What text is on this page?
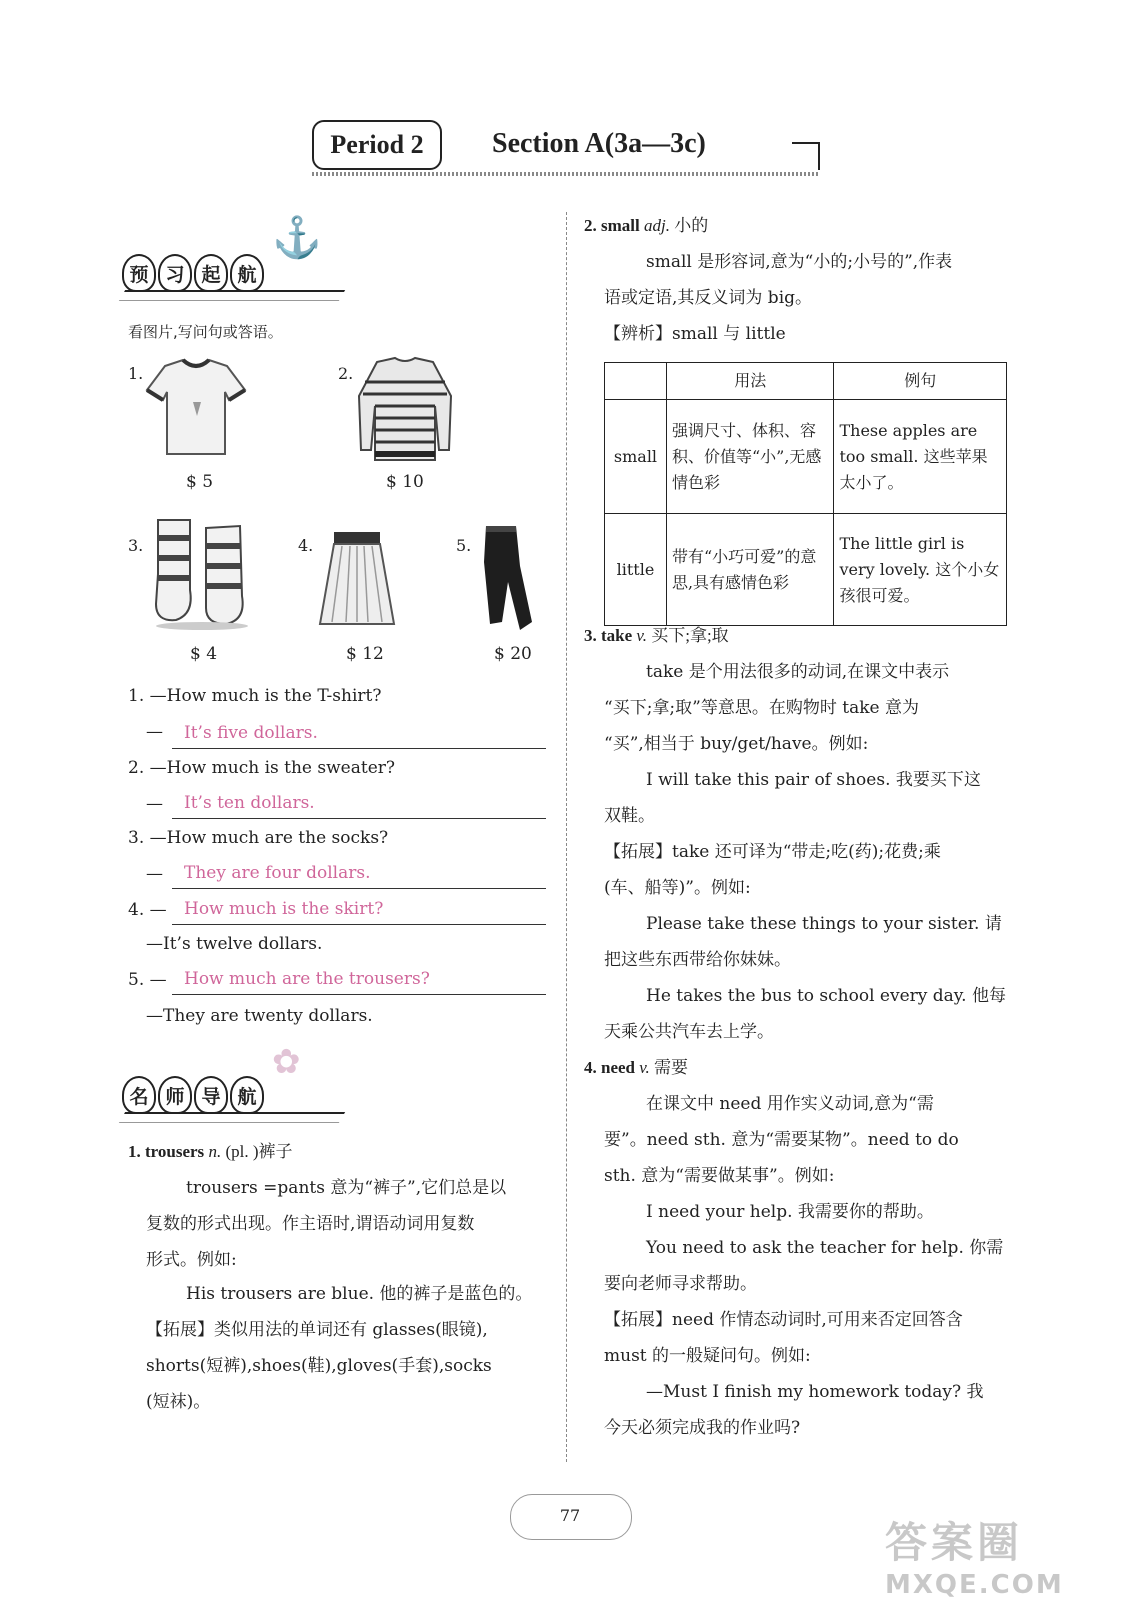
Period 2	Section A(3a—3c)
预 习 起 航
⚓
看图片,写问句或答语。
1.
$ 5
2.
$ 10
3.
$ 4
4.
$ 12
5.
$ 20
1. —How much is the T-shirt?
—	It’s five dollars.
2. —How much is the sweater?
—	It’s ten dollars.
3. —How much are the socks?
—	They are four dollars.
4. —	How much is the skirt?
—It’s twelve dollars.
5. —	How much are the trousers?
—They are twenty dollars.
名 师 导 航
✿
1. trousers n. (pl. )裤子
trousers =pants 意为“裤子”,它们总是以
复数的形式出现。作主语时,谓语动词用复数
形式。例如:
His trousers are blue. 他的裤子是蓝色的。
【拓展】类似用法的单词还有 glasses(眼镜),
shorts(短裤),shoes(鞋),gloves(手套),socks
(短袜)。
2. small adj. 小的
small 是形容词,意为“小的;小号的”,作表
语或定语,其反义词为 big。
【辨析】small 与 little
	用法	例句
small	强调尺寸、体积、容积、价值等“小”,无感情色彩	These apples are too small. 这些苹果太小了。
little	带有“小巧可爱”的意思,具有感情色彩	The little girl is very lovely. 这个小女孩很可爱。
3. take v. 买下;拿;取
take 是个用法很多的动词,在课文中表示
“买下;拿;取”等意思。在购物时 take 意为
“买”,相当于 buy/get/have。例如:
I will take this pair of shoes. 我要买下这
双鞋。
【拓展】take 还可译为“带走;吃(药);花费;乘
(车、船等)”。例如:
Please take these things to your sister. 请
把这些东西带给你妹妹。
He takes the bus to school every day. 他每
天乘公共汽车去上学。
4. need v. 需要
在课文中 need 用作实义动词,意为“需
要”。need sth. 意为“需要某物”。need to do
sth. 意为“需要做某事”。例如:
I need your help. 我需要你的帮助。
You need to ask the teacher for help. 你需
要向老师寻求帮助。
【拓展】need 作情态动词时,可用来否定回答含
must 的一般疑问句。例如:
—Must I finish my homework today? 我
今天必须完成我的作业吗?
77
答案圈
MXQE.COM
